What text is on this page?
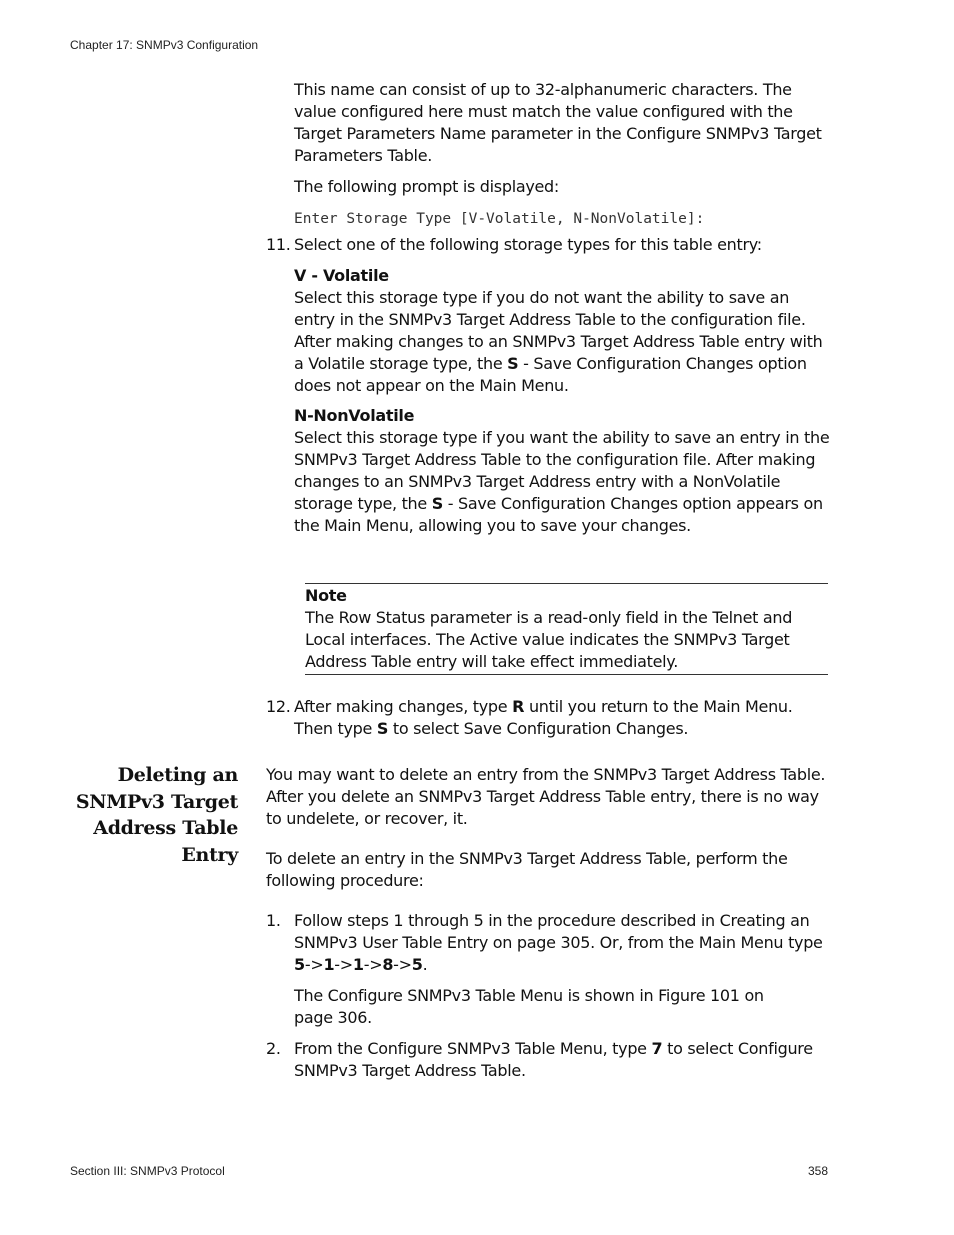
Chapter 17: SNMPv3 Configuration
This name can consist of up to 32-alphanumeric characters. The value configured here must match the value configured with the Target Parameters Name parameter in the Configure SNMPv3 Target Parameters Table.
The following prompt is displayed:
Enter Storage Type [V-Volatile, N-NonVolatile]:
11. Select one of the following storage types for this table entry:
V - Volatile
Select this storage type if you do not want the ability to save an entry in the SNMPv3 Target Address Table to the configuration file. After making changes to an SNMPv3 Target Address Table entry with a Volatile storage type, the S - Save Configuration Changes option does not appear on the Main Menu.
N-NonVolatile
Select this storage type if you want the ability to save an entry in the SNMPv3 Target Address Table to the configuration file. After making changes to an SNMPv3 Target Address entry with a NonVolatile storage type, the S - Save Configuration Changes option appears on the Main Menu, allowing you to save your changes.
Note
The Row Status parameter is a read-only field in the Telnet and Local interfaces. The Active value indicates the SNMPv3 Target Address Table entry will take effect immediately.
12. After making changes, type R until you return to the Main Menu. Then type S to select Save Configuration Changes.
Deleting an
SNMPv3 Target
Address Table
Entry
You may want to delete an entry from the SNMPv3 Target Address Table. After you delete an SNMPv3 Target Address Table entry, there is no way to undelete, or recover, it.
To delete an entry in the SNMPv3 Target Address Table, perform the following procedure:
1. Follow steps 1 through 5 in the procedure described in Creating an SNMPv3 User Table Entry on page 305. Or, from the Main Menu type 5->1->1->8->5.
The Configure SNMPv3 Table Menu is shown in Figure 101 on page 306.
2. From the Configure SNMPv3 Table Menu, type 7 to select Configure SNMPv3 Target Address Table.
Section III: SNMPv3 Protocol	358
